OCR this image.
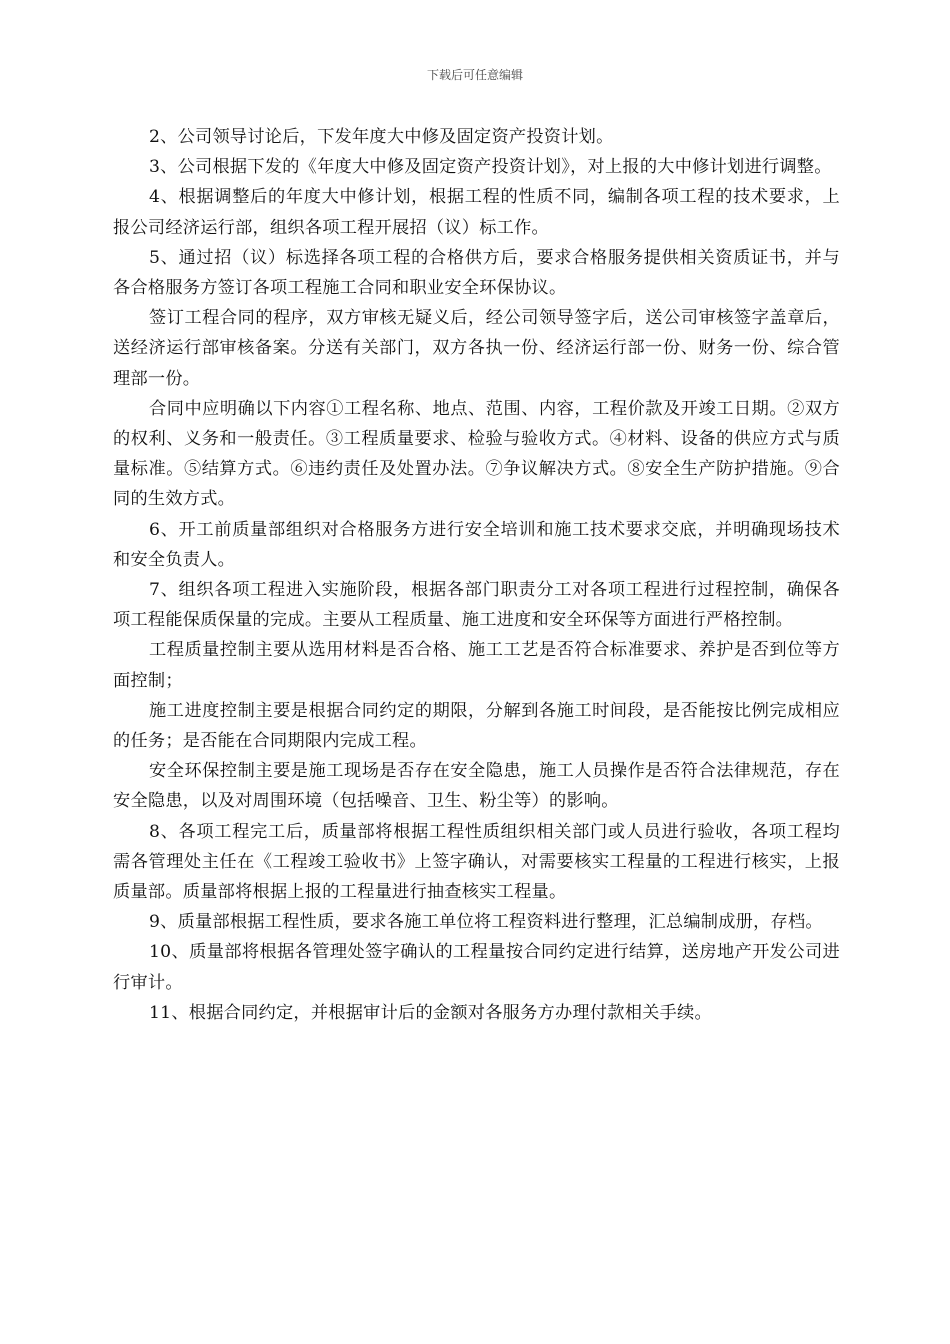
下载后可任意编辑

2、公司领导讨论后，下发年度大中修及固定资产投资计划。

3、公司根据下发的《年度大中修及固定资产投资计划》，对上报的大中修计划进行调整。

4、根据调整后的年度大中修计划，根据工程的性质不同，编制各项工程的技术要求，上报公司经济运行部，组织各项工程开展招（议）标工作。

5、通过招（议）标选择各项工程的合格供方后，要求合格服务提供相关资质证书，并与各合格服务方签订各项工程施工合同和职业安全环保协议。

签订工程合同的程序，双方审核无疑义后，经公司领导签字后，送公司审核签字盖章后，送经济运行部审核备案。分送有关部门，双方各执一份、经济运行部一份、财务一份、综合管理部一份。

合同中应明确以下内容①工程名称、地点、范围、内容，工程价款及开竣工日期。②双方的权利、义务和一般责任。③工程质量要求、检验与验收方式。④材料、设备的供应方式与质量标准。⑤结算方式。⑥违约责任及处置办法。⑦争议解决方式。⑧安全生产防护措施。⑨合同的生效方式。

6、开工前质量部组织对合格服务方进行安全培训和施工技术要求交底，并明确现场技术和安全负责人。

7、组织各项工程进入实施阶段，根据各部门职责分工对各项工程进行过程控制，确保各项工程能保质保量的完成。主要从工程质量、施工进度和安全环保等方面进行严格控制。

工程质量控制主要从选用材料是否合格、施工工艺是否符合标准要求、养护是否到位等方面控制；

施工进度控制主要是根据合同约定的期限，分解到各施工时间段，是否能按比例完成相应的任务；是否能在合同期限内完成工程。

安全环保控制主要是施工现场是否存在安全隐患，施工人员操作是否符合法律规范，存在安全隐患，以及对周围环境（包括噪音、卫生、粉尘等）的影响。

8、各项工程完工后，质量部将根据工程性质组织相关部门或人员进行验收，各项工程均需各管理处主任在《工程竣工验收书》上签字确认，对需要核实工程量的工程进行核实，上报质量部。质量部将根据上报的工程量进行抽查核实工程量。

9、质量部根据工程性质，要求各施工单位将工程资料进行整理，汇总编制成册，存档。

10、质量部将根据各管理处签字确认的工程量按合同约定进行结算，送房地产开发公司进行审计。

11、根据合同约定，并根据审计后的金额对各服务方办理付款相关手续。
